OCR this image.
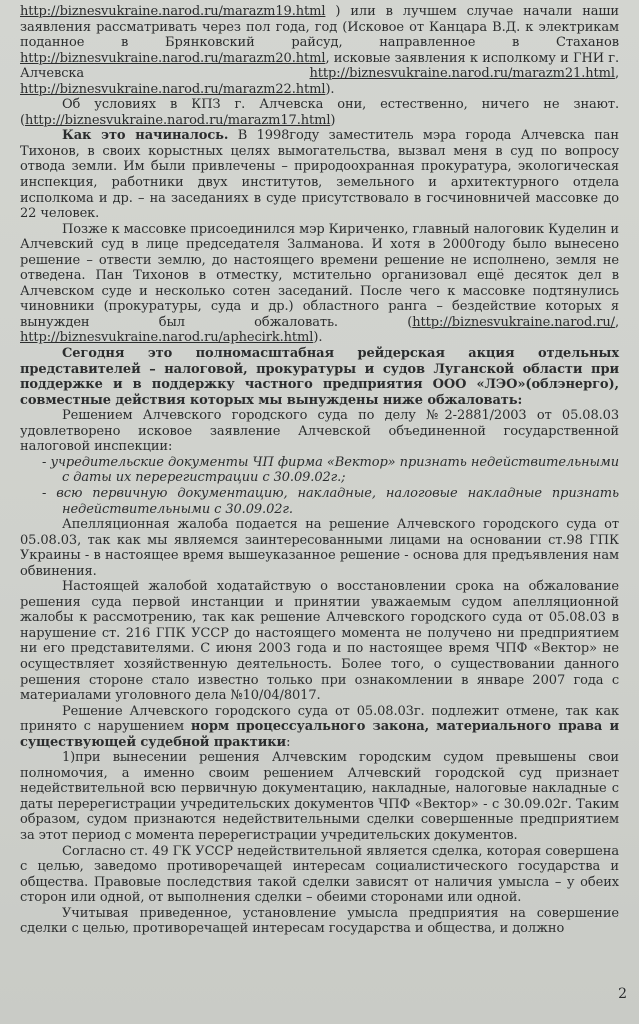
http://biznesvukraine.narod.ru/marazm19.html ) или в лучшем случае начали наши заявления рассматривать через пол года, год (Исковое от Канцара В.Д. к электрикам поданное в Брянковский райсуд, направленное в Стаханов http://biznesvukraine.narod.ru/marazm20.html, исковые заявления к исполкому и ГНИ г. Алчевска	http://biznesvukraine.narod.ru/marazm21.html, http://biznesvukraine.narod.ru/marazm22.html).

Об условиях в КПЗ г. Алчевска они, естественно, ничего не знают. (http://biznesvukraine.narod.ru/marazm17.html)

Как это начиналось. В 1998году заместитель мэра города Алчевска пан Тихонов, в своих корыстных целях вымогательства, вызвал меня в суд по вопросу отвода земли. Им были привлечены – природоохранная прокуратура, экологическая инспекция, работники двух институтов, земельного и архитектурного отдела исполкома и др. – на заседаниях в суде присутствовало в госчиновничей массовке до 22 человек.

Позже к массовке присоединился мэр Кириченко, главный налоговик Куделин и Алчевский суд в лице председателя Залманова. И хотя в 2000году было вынесено решение – отвести землю, до настоящего времени решение не исполнено, земля не отведена. Пан Тихонов в отместку, мстительно организовал ещё десяток дел в Алчевском суде и несколько сотен заседаний. После чего к массовке подтянулись чиновники (прокуратуры, суда и др.) областного ранга – бездействие которых я вынужден был обжаловать. (http://biznesvukraine.narod.ru/, http://biznesvukraine.narod.ru/aphecirk.html).

Сегодня это полномасштабная рейдерская акция отдельных представителей – налоговой, прокуратуры и судов Луганской области при поддержке и в поддержку частного предприятия ООО «ЛЭО»(облэнерго), совместные действия которых мы вынуждены ниже обжаловать:

Решением Алчевского городского суда по делу №2-2881/2003 от 05.08.03 удовлетворено исковое заявление Алчевской объединенной государственной налоговой инспекции:

- учредительские документы ЧП фирма «Вектор» признать недействительными с даты их перерегистрации с 30.09.02г.;

- всю первичную документацию, накладные, налоговые накладные признать недействительными с 30.09.02г.

Апелляционная жалоба подается на решение Алчевского городского суда от 05.08.03, так как мы являемся заинтересованными лицами на основании ст.98 ГПК Украины - в настоящее время вышеуказанное решение - основа для предъявления нам обвинения.

Настоящей жалобой ходатайствую о восстановлении срока на обжалование решения суда первой инстанции и принятии уважаемым судом апелляционной жалобы к рассмотрению, так как решение Алчевского городского суда от 05.08.03 в нарушение ст. 216 ГПК УССР до настоящего момента не получено ни предприятием ни его представителями. С июня 2003 года и по настоящее время ЧПФ «Вектор» не осуществляет хозяйственную деятельность. Более того, о существовании данного решения стороне стало известно только при ознакомлении в январе 2007 года с материалами уголовного дела №10/04/8017.

Решение Алчевского городского суда от 05.08.03г. подлежит отмене, так как принято с нарушением норм процессуального закона, материального права и существующей судебной практики:

1)при вынесении решения Алчевским городским судом превышены свои полномочия, а именно своим решением Алчевский городской суд признает недействительной всю первичную документацию, накладные, налоговые накладные с даты перерегистрации учредительских документов ЧПФ «Вектор» - с 30.09.02г. Таким образом, судом признаются недействительными сделки совершенные предприятием за этот период с момента перерегистрации учредительских документов.

Согласно ст. 49 ГК УССР недействительной является сделка, которая совершена с целью, заведомо противоречащей интересам социалистического государства и общества. Правовые последствия такой сделки зависят от наличия умысла – у обеих сторон или одной, от выполнения сделки – обеими сторонами или одной.

Учитывая приведенное, установление умысла предприятия на совершение сделки с целью, противоречащей интересам государства и общества, и должно

2
